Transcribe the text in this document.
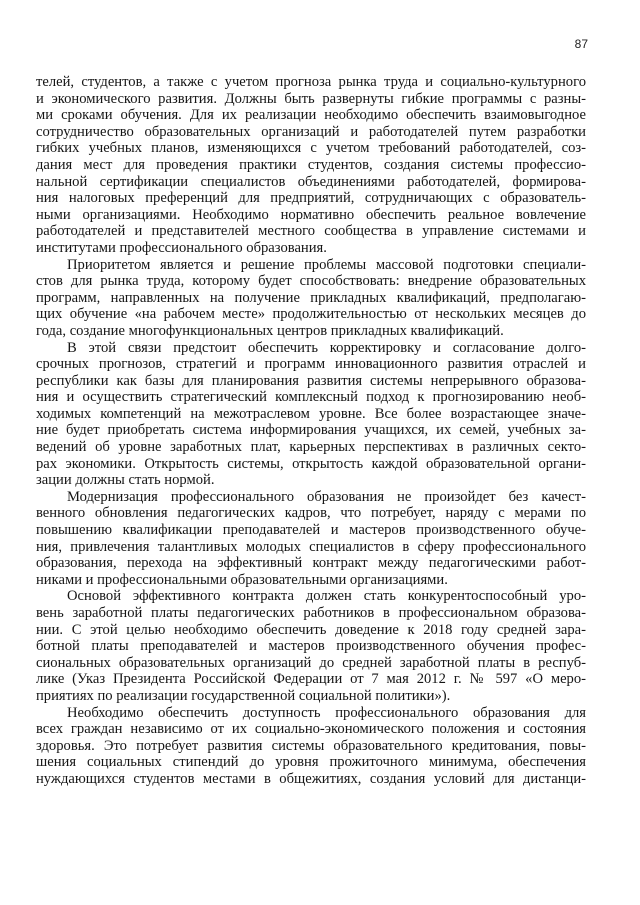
87

телей, студентов, а также с учетом прогноза рынка труда и социально-культурного
и экономического развития. Должны быть развернуты гибкие программы с разны-
ми сроками обучения. Для их реализации необходимо обеспечить взаимовыгодное
сотрудничество образовательных организаций и работодателей путем разработки
гибких учебных планов, изменяющихся с учетом требований работодателей, соз-
дания мест для проведения практики студентов, создания системы профессио-
нальной сертификации специалистов объединениями работодателей, формирова-
ния налоговых преференций для предприятий, сотрудничающих с образователь-
ными организациями. Необходимо нормативно обеспечить реальное вовлечение
работодателей и представителей местного сообщества в управление системами и
институтами профессионального образования.

Приоритетом является и решение проблемы массовой подготовки специали-
стов для рынка труда, которому будет способствовать: внедрение образовательных
программ, направленных на получение прикладных квалификаций, предполагаю-
щих обучение «на рабочем месте» продолжительностью от нескольких месяцев до
года, создание многофункциональных центров прикладных квалификаций.

В этой связи предстоит обеспечить корректировку и согласование долго-
срочных прогнозов, стратегий и программ инновационного развития отраслей и
республики как базы для планирования развития системы непрерывного образова-
ния и осуществить стратегический комплексный подход к прогнозированию необ-
ходимых компетенций на межотраслевом уровне. Все более возрастающее значе-
ние будет приобретать система информирования учащихся, их семей, учебных за-
ведений об уровне заработных плат, карьерных перспективах в различных секто-
рах экономики. Открытость системы, открытость каждой образовательной органи-
зации должны стать нормой.

Модернизация профессионального образования не произойдет без качест-
венного обновления педагогических кадров, что потребует, наряду с мерами по
повышению квалификации преподавателей и мастеров производственного обуче-
ния, привлечения талантливых молодых специалистов в сферу профессионального
образования, перехода на эффективный контракт между педагогическими работ-
никами и профессиональными образовательными организациями.

Основой эффективного контракта должен стать конкурентоспособный уро-
вень заработной платы педагогических работников в профессиональном образова-
нии. С этой целью необходимо обеспечить доведение к 2018 году средней зара-
ботной платы преподавателей и мастеров производственного обучения профес-
сиональных образовательных организаций до средней заработной платы в респуб-
лике (Указ Президента Российской Федерации от 7 мая 2012 г. № 597 «О меро-
приятиях по реализации государственной социальной политики»).

Необходимо обеспечить доступность профессионального образования для
всех граждан независимо от их социально-экономического положения и состояния
здоровья. Это потребует развития системы образовательного кредитования, повы-
шения социальных стипендий до уровня прожиточного минимума, обеспечения
нуждающихся студентов местами в общежитиях, создания условий для дистанци-
